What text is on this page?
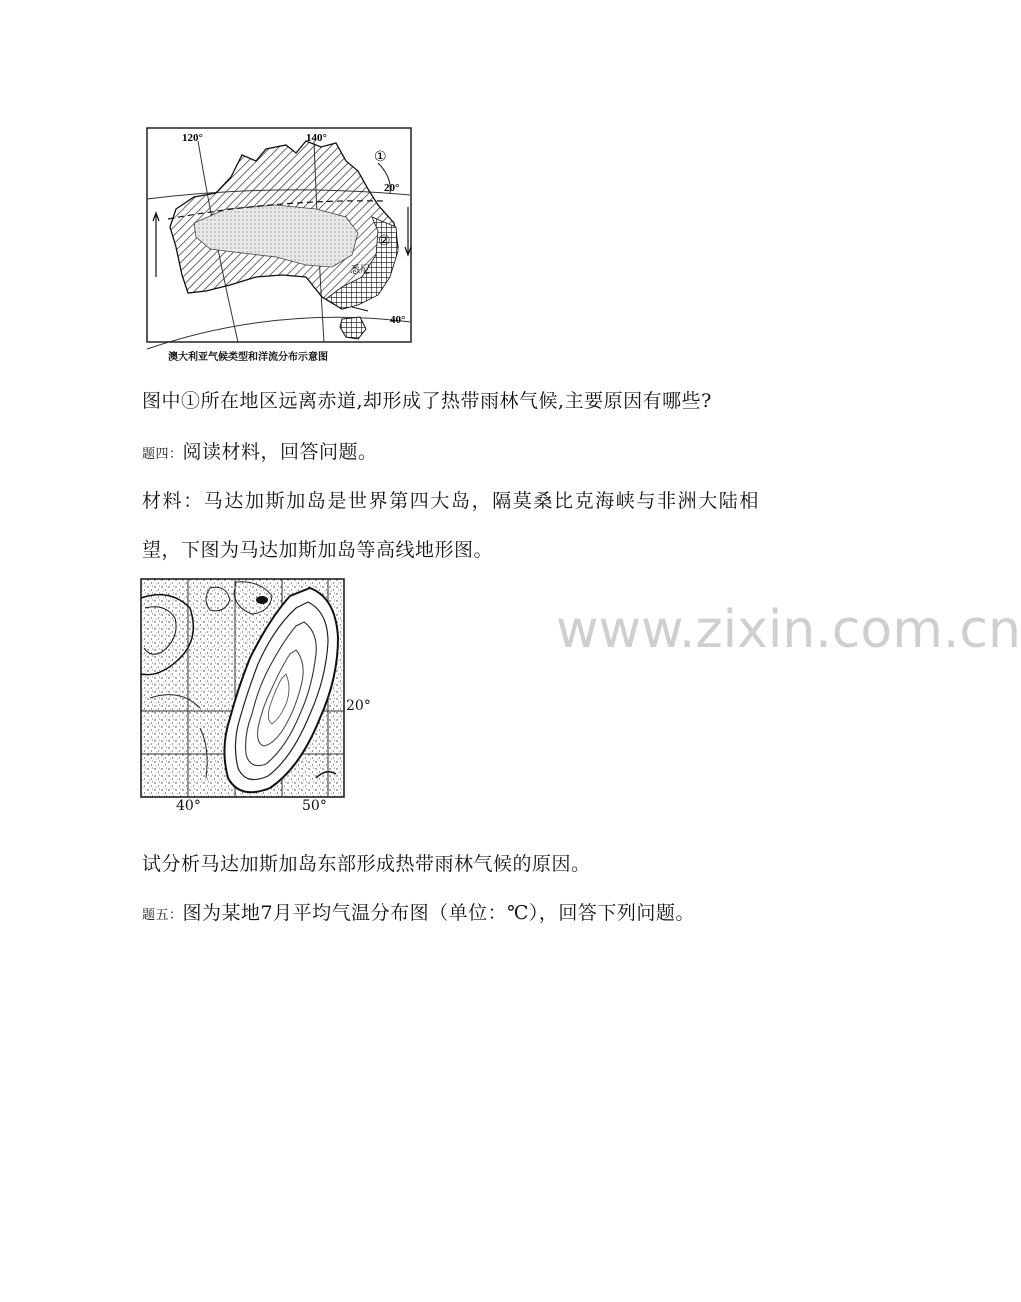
120°	140°
20°
40°
①
②
悉尼
澳大利亚气候类型和洋流分布示意图
图中①所在地区远离赤道,却形成了热带雨林气候,主要原因有哪些?
题四：阅读材料，回答问题。
材料：马达加斯加岛是世界第四大岛，隔莫桑比克海峡与非洲大陆相
望，下图为马达加斯加岛等高线地形图。
20°
40°	50°
www.zixin.com.cn
试分析马达加斯加岛东部形成热带雨林气候的原因。
题五：图为某地7月平均气温分布图（单位：℃），回答下列问题。
